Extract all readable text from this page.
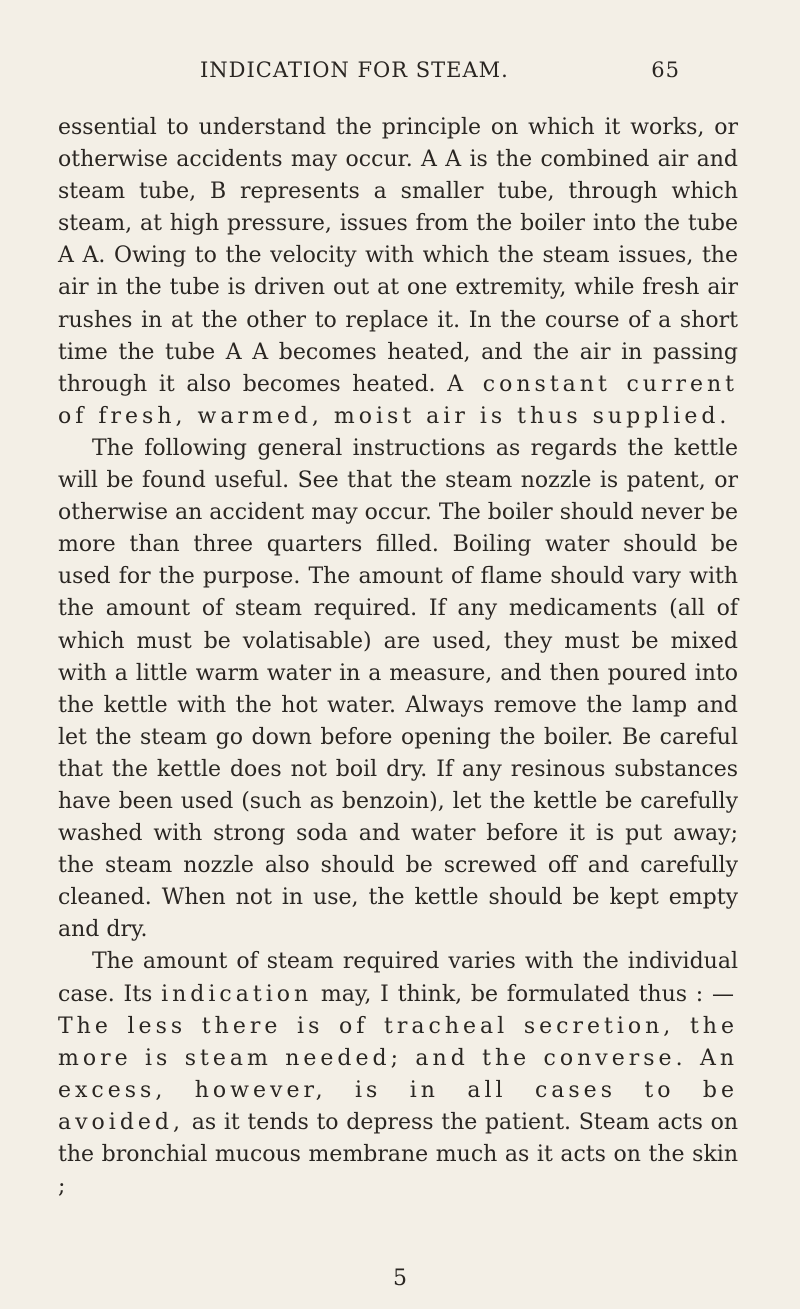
INDICATION FOR STEAM.	65

essential to understand the principle on which it works, or otherwise accidents may occur. A A is the combined air and steam tube, B represents a smaller tube, through which steam, at high pressure, issues from the boiler into the tube A A. Owing to the velocity with which the steam issues, the air in the tube is driven out at one extremity, while fresh air rushes in at the other to replace it. In the course of a short time the tube A A becomes heated, and the air in passing through it also becomes heated. A constant current of fresh, warmed, moist air is thus supplied.

The following general instructions as regards the kettle will be found useful. See that the steam nozzle is patent, or otherwise an accident may occur. The boiler should never be more than three quarters filled. Boiling water should be used for the purpose. The amount of flame should vary with the amount of steam required. If any medicaments (all of which must be volatisable) are used, they must be mixed with a little warm water in a measure, and then poured into the kettle with the hot water. Always remove the lamp and let the steam go down before opening the boiler. Be careful that the kettle does not boil dry. If any resinous substances have been used (such as benzoin), let the kettle be carefully washed with strong soda and water before it is put away; the steam nozzle also should be screwed off and carefully cleaned. When not in use, the kettle should be kept empty and dry.

The amount of steam required varies with the individual case. Its indication may, I think, be formulated thus : —The less there is of tracheal secretion, the more is steam needed; and the converse. An excess, however, is in all cases to be avoided, as it tends to depress the patient. Steam acts on the bronchial mucous membrane much as it acts on the skin ;

5
